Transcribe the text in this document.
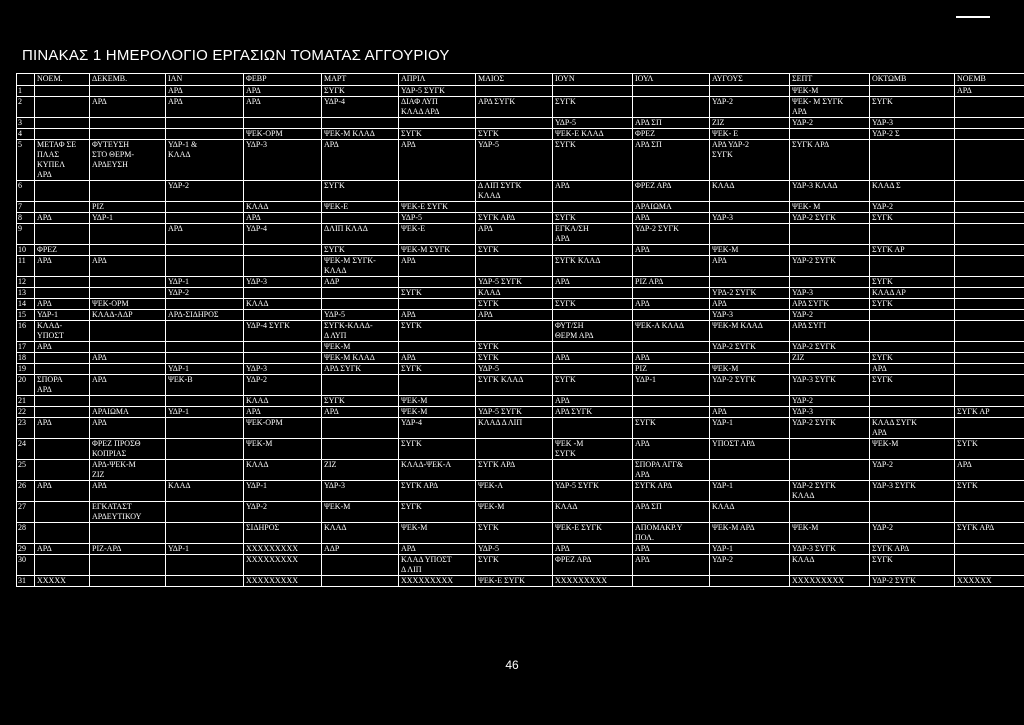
ΠΙΝΑΚΑΣ 1 ΗΜΕΡΟΛΟΓΙΟ ΕΡΓΑΣΙΩΝ ΤΟΜΑΤΑΣ ΑΓΓΟΥΡΙΟΥ
	ΝΟΕΜ.	ΔΕΚΕΜΒ.	ΙΑΝ	ΦΕΒΡ	ΜΑΡΤ	ΑΠΡΙΛ	ΜΑΙΟΣ	ΙΟΥΝ	ΙΟΥΛ	ΑΥΓΟΥΣ	ΣΕΠΤ	ΟΚΤΩΜΒ	ΝΟΕΜΒ
1			ΑΡΔ	ΑΡΔ	ΣΥΓΚ	ΥΔΡ-5 ΣΥΓΚ					ΨΕΚ-Μ		ΑΡΔ
2		ΑΡΔ	ΑΡΔ	ΑΡΔ	ΥΔΡ-4	ΔΙΑΦ ΛΥΠ
ΚΛΑΔ ΑΡΔ	ΑΡΔ ΣΥΓΚ	ΣΥΓΚ		ΥΔΡ-2	ΨΕΚ- Μ ΣΥΓΚ
ΑΡΔ	ΣΥΓΚ	
3								ΥΔΡ-5	ΑΡΔ ΣΠ	ΖΙΖ	ΥΔΡ-2	ΥΔΡ-3	
4				ΨΕΚ-ΟΡΜ	ΨΕΚ-Μ ΚΛΑΔ	ΣΥΓΚ	ΣΥΓΚ	ΨΕΚ-Ε ΚΛΑΔ	ΦΡΕΖ	ΨΕΚ- Ε		ΥΔΡ-2 Σ	
5	ΜΕΤΑΦ ΣΕ
ΠΛΑΣ ΚΥΠΕΛ
ΑΡΔ	ΦΥΤΕΥΣΗ
ΣΤΟ ΘΕΡΜ-
ΑΡΔΕΥΣΗ	ΥΔΡ-1 &
ΚΛΑΔ	ΥΔΡ-3	ΑΡΔ	ΑΡΔ	ΥΔΡ-5	ΣΥΓΚ	ΑΡΔ ΣΠ	ΑΡΔ ΥΔΡ-2
ΣΥΓΚ	ΣΥΓΚ ΑΡΔ		
6			ΥΔΡ-2		ΣΥΓΚ		Δ ΛΙΠ ΣΥΓΚ
ΚΛΑΔ	ΑΡΔ	ΦΡΕΖ ΑΡΔ	ΚΛΑΔ	ΥΔΡ-3 ΚΛΑΔ	ΚΛΑΔ Σ	
7		ΡΙΖ		ΚΛΑΔ	ΨΕΚ-Ε	ΨΕΚ-Ε ΣΥΓΚ			ΑΡΑΙΩΜΑ		ΨΕΚ- Μ	ΥΔΡ-2	
8	ΑΡΔ	ΥΔΡ-1		ΑΡΔ		ΥΔΡ-5	ΣΥΓΚ ΑΡΔ	ΣΥΓΚ	ΑΡΔ	ΥΔΡ-3	ΥΔΡ-2 ΣΥΓΚ	ΣΥΓΚ	
9			ΑΡΔ	ΥΔΡ-4	ΔΛΙΠ ΚΛΑΔ	ΨΕΚ-Ε	ΑΡΔ	ΕΓΚΑ/ΣΗ
ΑΡΔ	ΥΔΡ-2 ΣΥΓΚ				
10	ΦΡΕΖ				ΣΥΓΚ	ΨΕΚ-Μ ΣΥΓΚ	ΣΥΓΚ		ΑΡΔ	ΨΕΚ-Μ		ΣΥΓΚ ΑΡ	
11	ΑΡΔ	ΑΡΔ			ΨΕΚ-Μ ΣΥΓΚ-
ΚΛΑΔ	ΑΡΔ		ΣΥΓΚ ΚΛΑΔ		ΑΡΔ	ΥΔΡ-2 ΣΥΓΚ		
12			ΥΔΡ-1	ΥΔΡ-3	ΑΔΡ		ΥΔΡ-5 ΣΥΓΚ	ΑΡΔ	ΡΙΖ ΑΡΔ			ΣΥΓΚ	
13			ΥΔΡ-2			ΣΥΓΚ	ΚΛΑΔ			ΥΡΔ-2 ΣΥΓΚ	ΥΔΡ-3	ΚΛΑΔ ΑΡ	
14	ΑΡΔ	ΨΕΚ-ΟΡΜ		ΚΛΑΔ			ΣΥΓΚ	ΣΥΓΚ	ΑΡΔ	ΑΡΔ	ΑΡΔ ΣΥΓΚ	ΣΥΓΚ	
15	ΥΔΡ-1	ΚΛΑΔ-ΑΔΡ	ΑΡΔ-ΣΙΔΗΡΟΣ		ΥΔΡ-5	ΑΡΔ	ΑΡΔ			ΥΔΡ-3	ΥΔΡ-2		
16	ΚΛΑΔ-ΥΠΟΣΤ			ΥΔΡ-4 ΣΥΓΚ	ΣΥΓΚ-ΚΛΑΔ-
Δ ΛΥΠ	ΣΥΓΚ		ΦΥΤ/ΣΗ
ΘΕΡΜ ΑΡΔ	ΨΕΚ-Α ΚΛΑΔ	ΨΕΚ-Μ ΚΛΑΔ	ΑΡΔ ΣΥΓΙ		
17	ΑΡΔ				ΨΕΚ-Μ		ΣΥΓΚ			ΥΔΡ-2 ΣΥΓΚ	ΥΔΡ-2 ΣΥΓΚ		
18		ΑΡΔ			ΨΕΚ-Μ ΚΛΑΔ	ΑΡΔ	ΣΥΓΚ	ΑΡΔ	ΑΡΔ		ΖΙΖ	ΣΥΓΚ	
19			ΥΔΡ-1	ΥΔΡ-3	ΑΡΔ ΣΥΓΚ	ΣΥΓΚ	ΥΔΡ-5		ΡΙΖ	ΨΕΚ-Μ		ΑΡΔ	
20	ΣΠΟΡΑ
ΑΡΔ	ΑΡΔ	ΨΕΚ-Β	ΥΔΡ-2			ΣΥΓΚ ΚΛΑΔ	ΣΥΓΚ	ΥΔΡ-1	ΥΔΡ-2 ΣΥΓΚ	ΥΔΡ-3 ΣΥΓΚ	ΣΥΓΚ	
21				ΚΛΑΔ	ΣΥΓΚ	ΨΕΚ-Μ		ΑΡΔ			ΥΔΡ-2		
22		ΑΡΑΙΩΜΑ	ΥΔΡ-1	ΑΡΔ	ΑΡΔ	ΨΕΚ-Μ	ΥΔΡ-5 ΣΥΓΚ	ΑΡΔ ΣΥΓΚ		ΑΡΔ	ΥΔΡ-3		ΣΥΓΚ ΑΡ
23	ΑΡΔ	ΑΡΔ		ΨΕΚ-ΟΡΜ		ΥΔΡ-4	ΚΛΑΔ Δ ΛΙΠ		ΣΥΓΚ	ΥΔΡ-1	ΥΔΡ-2 ΣΥΓΚ	ΚΛΑΔ ΣΥΓΚ
ΑΡΔ	
24		ΦΡΕΖ ΠΡΟΣΘ
ΚΟΠΡΙΑΣ		ΨΕΚ-Μ		ΣΥΓΚ		ΨΕΚ -Μ
ΣΥΓΚ	ΑΡΔ	ΥΠΟΣΤ ΑΡΔ		ΨΕΚ-Μ	ΣΥΓΚ
25		ΑΡΔ-ΨΕΚ-Μ
ΖΙΖ		ΚΛΑΔ	ΖΙΖ	ΚΛΑΔ-ΨΕΚ-Α	ΣΥΓΚ ΑΡΔ		ΣΠΟΡΑ ΑΓΓ&
ΑΡΔ			ΥΔΡ-2	ΑΡΔ
26	ΑΡΔ	ΑΡΔ	ΚΛΑΔ	ΥΔΡ-1	ΥΔΡ-3	ΣΥΓΚ ΑΡΔ	ΨΕΚ-Α	ΥΔΡ-5 ΣΥΓΚ	ΣΥΓΚ ΑΡΔ	ΥΔΡ-1	ΥΔΡ-2 ΣΥΓΚ
ΚΛΑΔ	ΥΔΡ-3 ΣΥΓΚ	ΣΥΓΚ
27		ΕΓΚΑΤΑΣΤ
ΑΡΔΕΥΤΙΚΟΥ		ΥΔΡ-2	ΨΕΚ-Μ	ΣΥΓΚ	ΨΕΚ-Μ	ΚΛΑΔ	ΑΡΔ ΣΠ	ΚΛΑΔ			
28				ΣΙΔΗΡΟΣ	ΚΛΑΔ	ΨΕΚ-Μ	ΣΥΓΚ	ΨΕΚ-Ε ΣΥΓΚ	ΑΠΟΜΑΚΡ.Υ
ΠΟΛ.	ΨΕΚ-Μ ΑΡΔ	ΨΕΚ-Μ	ΥΔΡ-2	ΣΥΓΚ ΑΡΔ
29	ΑΡΔ	ΡΙΖ-ΑΡΔ	ΥΔΡ-1	ΧΧΧΧΧΧΧΧΧ	ΑΔΡ	ΑΡΔ	ΥΔΡ-5	ΑΡΔ	ΑΡΔ	ΥΔΡ-1	ΥΔΡ-3 ΣΥΓΚ	ΣΥΓΚ ΑΡΔ	
30				ΧΧΧΧΧΧΧΧΧ		ΚΛΑΔ ΥΠΟΣΤ
Δ ΛΙΠ	ΣΥΓΚ	ΦΡΕΖ ΑΡΔ	ΑΡΔ	ΥΔΡ-2	ΚΛΑΔ	ΣΥΓΚ	
31	ΧΧΧΧΧ			ΧΧΧΧΧΧΧΧΧ		ΧΧΧΧΧΧΧΧΧ	ΨΕΚ-Ε ΣΥΓΚ	ΧΧΧΧΧΧΧΧΧ			ΧΧΧΧΧΧΧΧΧ	ΥΔΡ-2 ΣΥΓΚ	ΧΧΧΧΧΧ
46
